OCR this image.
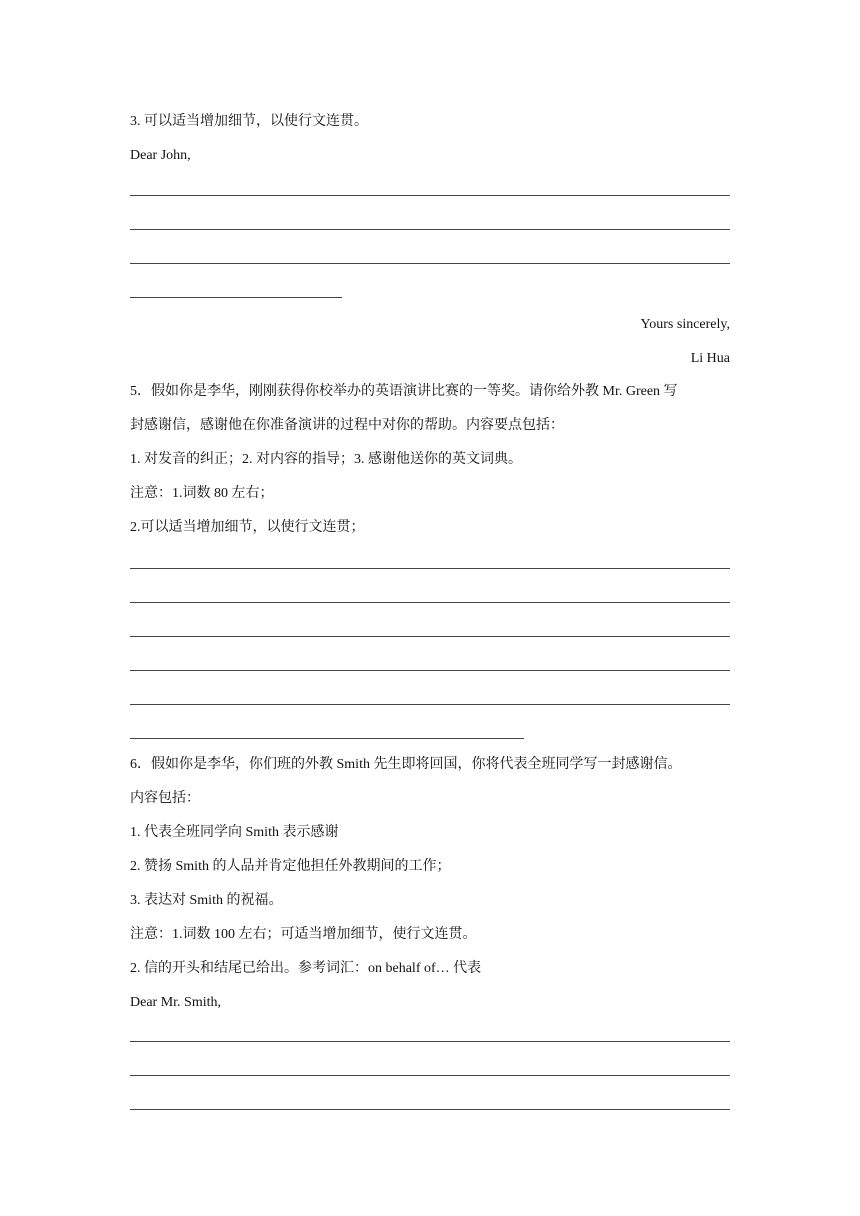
3. 可以适当增加细节，以使行文连贯。
Dear John,
Yours sincerely,
Li Hua
5．假如你是李华，刚刚获得你校举办的英语演讲比赛的一等奖。请你给外教 Mr. Green 写
封感谢信，感谢他在你准备演讲的过程中对你的帮助。内容要点包括：
1. 对发音的纠正；2. 对内容的指导；3. 感谢他送你的英文词典。
注意：1.词数 80 左右；
2.可以适当增加细节，以使行文连贯；
6．假如你是李华，你们班的外教 Smith 先生即将回国，你将代表全班同学写一封感谢信。
内容包括：
1. 代表全班同学向 Smith 表示感谢
2. 赞扬 Smith 的人品并肯定他担任外教期间的工作；
3. 表达对 Smith 的祝福。
注意：1.词数 100 左右；可适当增加细节，使行文连贯。
2. 信的开头和结尾已给出。参考词汇：on behalf of… 代表
Dear Mr. Smith,
